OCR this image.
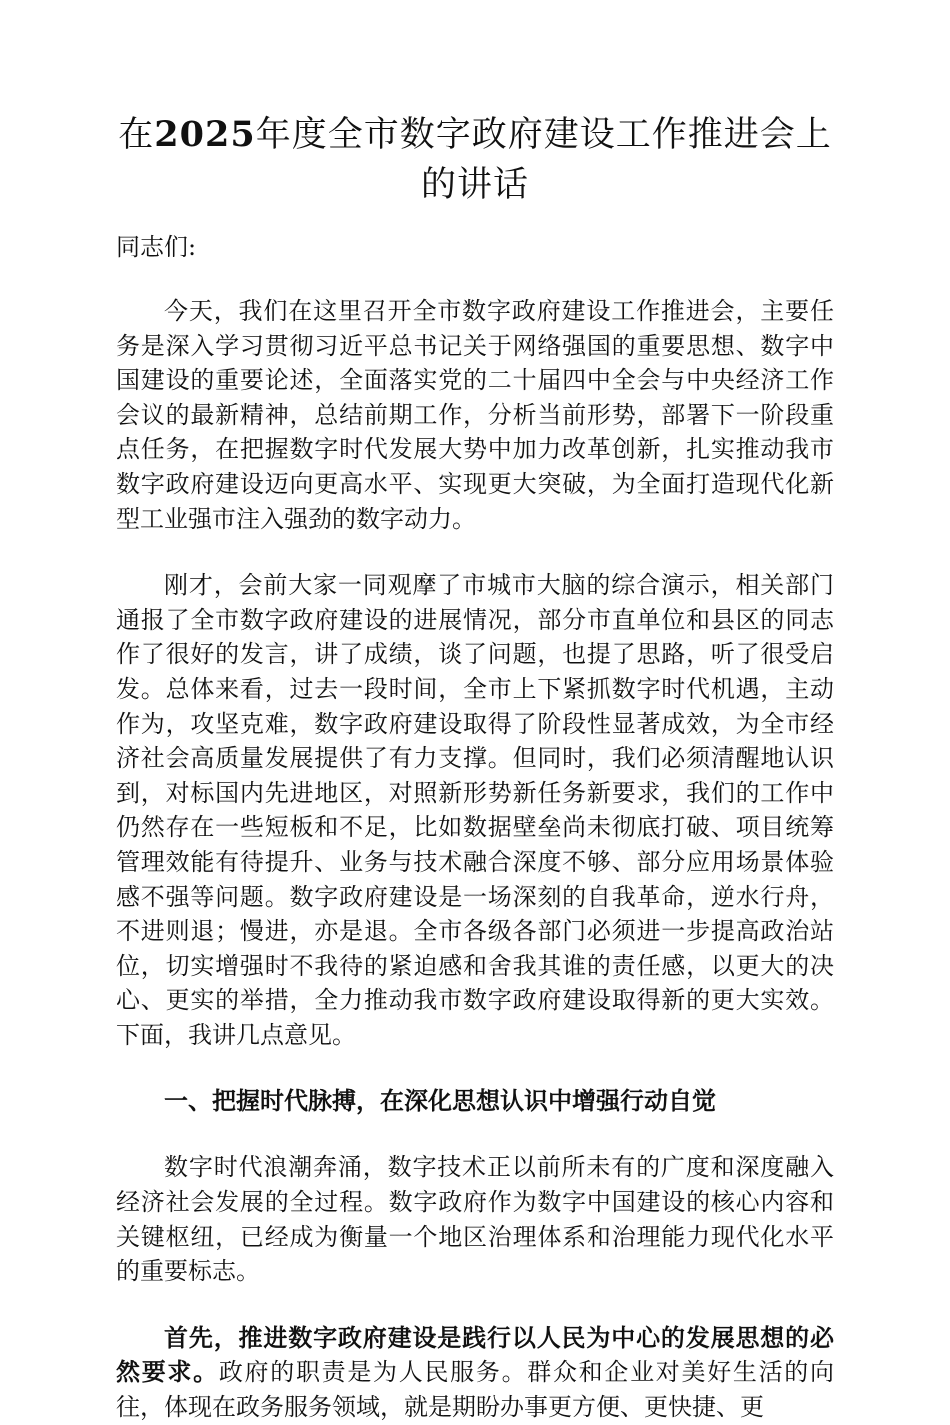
在2025年度全市数字政府建设工作推进会上的讲话

同志们:

今天，我们在这里召开全市数字政府建设工作推进会，主要任务是深入学习贯彻习近平总书记关于网络强国的重要思想、数字中国建设的重要论述，全面落实党的二十届四中全会与中央经济工作会议的最新精神，总结前期工作，分析当前形势，部署下一阶段重点任务，在把握数字时代发展大势中加力改革创新，扎实推动我市数字政府建设迈向更高水平、实现更大突破，为全面打造现代化新型工业强市注入强劲的数字动力。

刚才，会前大家一同观摩了市城市大脑的综合演示，相关部门通报了全市数字政府建设的进展情况，部分市直单位和县区的同志作了很好的发言，讲了成绩，谈了问题，也提了思路，听了很受启发。总体来看，过去一段时间，全市上下紧抓数字时代机遇，主动作为，攻坚克难，数字政府建设取得了阶段性显著成效，为全市经济社会高质量发展提供了有力支撑。但同时，我们必须清醒地认识到，对标国内先进地区，对照新形势新任务新要求，我们的工作中仍然存在一些短板和不足，比如数据壁垒尚未彻底打破、项目统筹管理效能有待提升、业务与技术融合深度不够、部分应用场景体验感不强等问题。数字政府建设是一场深刻的自我革命，逆水行舟，不进则退；慢进，亦是退。全市各级各部门必须进一步提高政治站位，切实增强时不我待的紧迫感和舍我其谁的责任感，以更大的决心、更实的举措，全力推动我市数字政府建设取得新的更大实效。下面，我讲几点意见。

一、把握时代脉搏，在深化思想认识中增强行动自觉

数字时代浪潮奔涌，数字技术正以前所未有的广度和深度融入经济社会发展的全过程。数字政府作为数字中国建设的核心内容和关键枢纽，已经成为衡量一个地区治理体系和治理能力现代化水平的重要标志。

首先，推进数字政府建设是践行以人民为中心的发展思想的必然要求。政府的职责是为人民服务。群众和企业对美好生活的向往，体现在政务服务领域，就是期盼办事更方便、更快捷、更
